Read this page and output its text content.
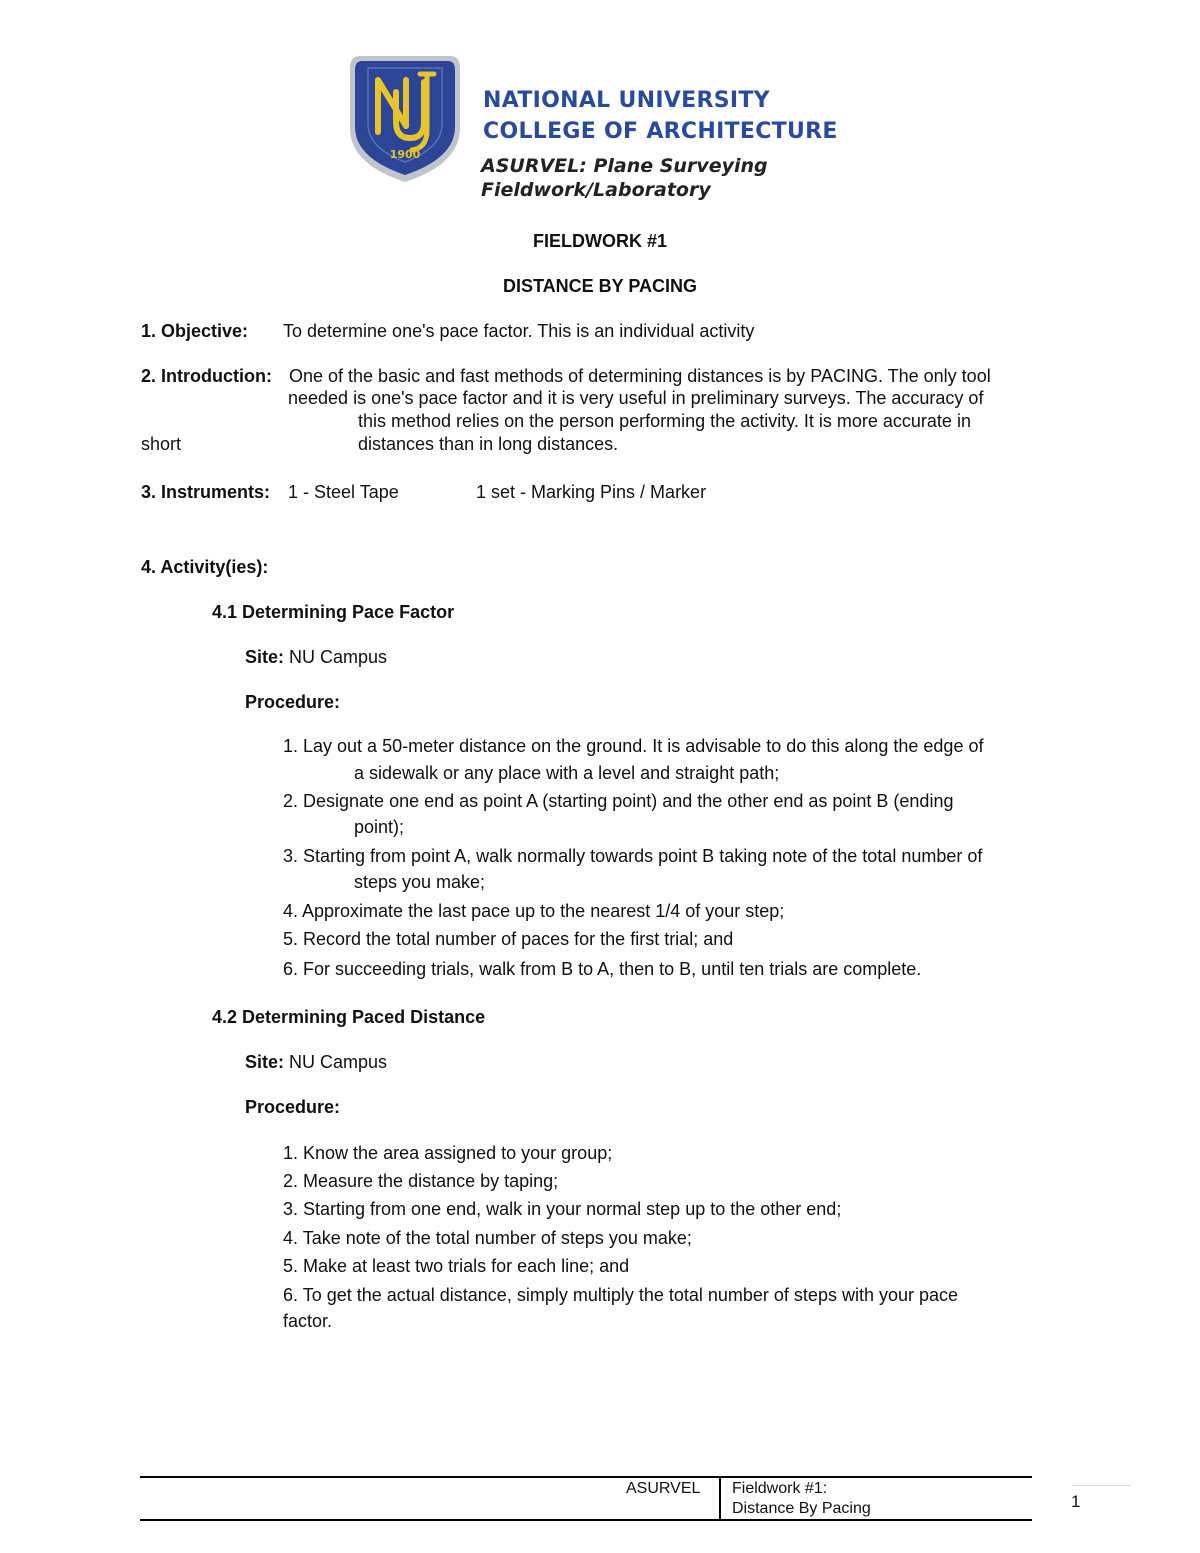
1900
NATIONAL UNIVERSITY
COLLEGE OF ARCHITECTURE
ASURVEL: Plane Surveying
Fieldwork/Laboratory
FIELDWORK #1
DISTANCE BY PACING
1. Objective: To determine one's pace factor. This is an individual activity
2. Introduction: One of the basic and fast methods of determining distances is by PACING. The only tool
needed is one's pace factor and it is very useful in preliminary surveys. The accuracy of
this method relies on the person performing the activity. It is more accurate in
short	distances than in long distances.
3. Instruments: 1 - Steel Tape	1 set - Marking Pins / Marker
4. Activity(ies):
4.1 Determining Pace Factor
Site: NU Campus
Procedure:
1. Lay out a 50-meter distance on the ground. It is advisable to do this along the edge of
a sidewalk or any place with a level and straight path;
2. Designate one end as point A (starting point) and the other end as point B (ending
point);
3. Starting from point A, walk normally towards point B taking note of the total number of
steps you make;
4. Approximate the last pace up to the nearest 1/4 of your step;
5. Record the total number of paces for the first trial; and
6. For succeeding trials, walk from B to A, then to B, until ten trials are complete.
4.2 Determining Paced Distance
Site: NU Campus
Procedure:
1. Know the area assigned to your group;
2. Measure the distance by taping;
3. Starting from one end, walk in your normal step up to the other end;
4. Take note of the total number of steps you make;
5. Make at least two trials for each line; and
6. To get the actual distance, simply multiply the total number of steps with your pace
factor.
ASURVEL Fieldwork #1:
Distance By Pacing	1
